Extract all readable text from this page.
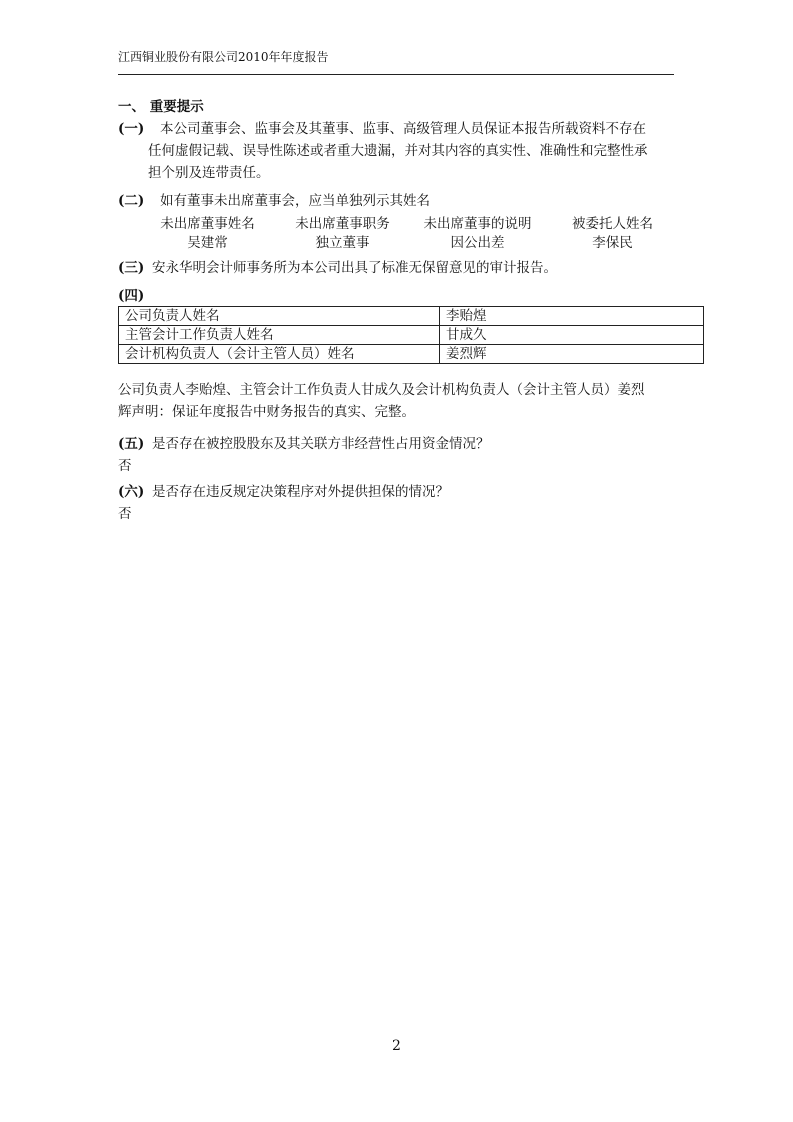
江西铜业股份有限公司2010年年度报告
一、 重要提示
(一) 本公司董事会、监事会及其董事、监事、高级管理人员保证本报告所载资料不存在
任何虚假记载、误导性陈述或者重大遗漏，并对其内容的真实性、准确性和完整性承
担个别及连带责任。
(二) 如有董事未出席董事会，应当单独列示其姓名
未出席董事姓名	未出席董事职务	未出席董事的说明	被委托人姓名
吴建常	独立董事	因公出差	李保民
(三) 安永华明会计师事务所为本公司出具了标准无保留意见的审计报告。
(四)
公司负责人姓名	李贻煌
主管会计工作负责人姓名	甘成久
会计机构负责人（会计主管人员）姓名	姜烈辉
公司负责人李贻煌、主管会计工作负责人甘成久及会计机构负责人（会计主管人员）姜烈
辉声明：保证年度报告中财务报告的真实、完整。
(五) 是否存在被控股股东及其关联方非经营性占用资金情况？
否
(六) 是否存在违反规定决策程序对外提供担保的情况？
否
2
